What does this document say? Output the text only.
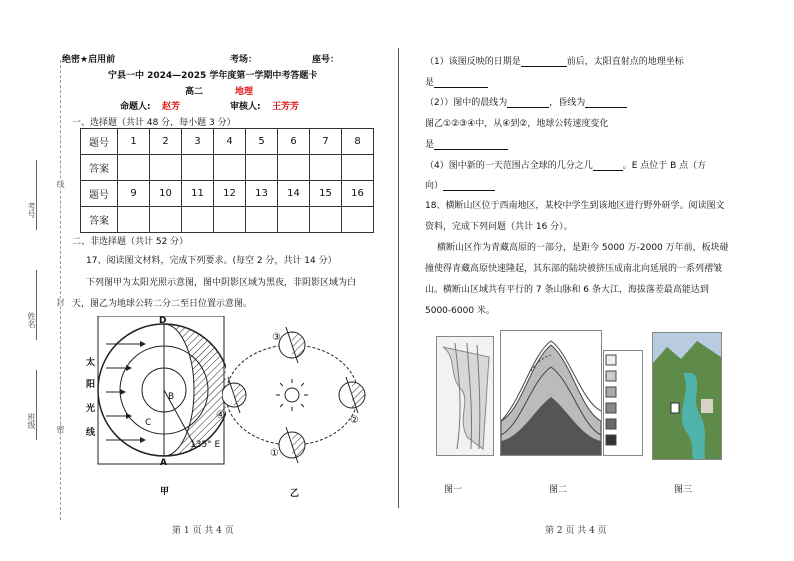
考号
姓名
班级
线
封
密
绝密★启用前	考场：	座号：
宁县一中 2024—2025 学年度第一学期中考答题卡
高二	地理
命题人: 赵芳	审核人: 王芳芳
一、选择题（共计 48 分，每小题 3 分）
题号	1	2	3	4	5	6	7	8
答案								
题号	9	10	11	12	13	14	15	16
答案								
二、非选择题（共计 52 分）
17、阅读图文材料，完成下列要求。(每空 2 分，共计 14 分）
下列图甲为太阳光照示意图，图中阴影区域为黑夜，非阴影区域为白
天，图乙为地球公转二分二至日位置示意图。
D
A
B
C
太
阳
光
线
135° E
甲
③
②
④
①
乙
第 1 页 共 4 页
（1）该图反映的日期是	前后，太阳直射点的地理坐标
是
（2））图中的晨线为	，昏线为
图乙①②③④中，从④到②，地球公转速度变化
是
（4）图中新的一天范围占全球的几分之几	。E 点位于 B 点（方
向）
18、横断山区位于西南地区，某校中学生到该地区进行野外研学。阅读图文
资料，完成下列问题（共计 16 分）。
横断山区作为青藏高原的一部分，是距今 5000 万-2000 万年前，板块碰
撞使得青藏高原快速隆起，其东部的陆块被挤压成南北向延展的一系列褶皱
山。横断山区域共有平行的 7 条山脉和 6 条大江，海拔落差最高能达到
5000-6000 米。
图一	图二	图三
第 2 页 共 4 页
